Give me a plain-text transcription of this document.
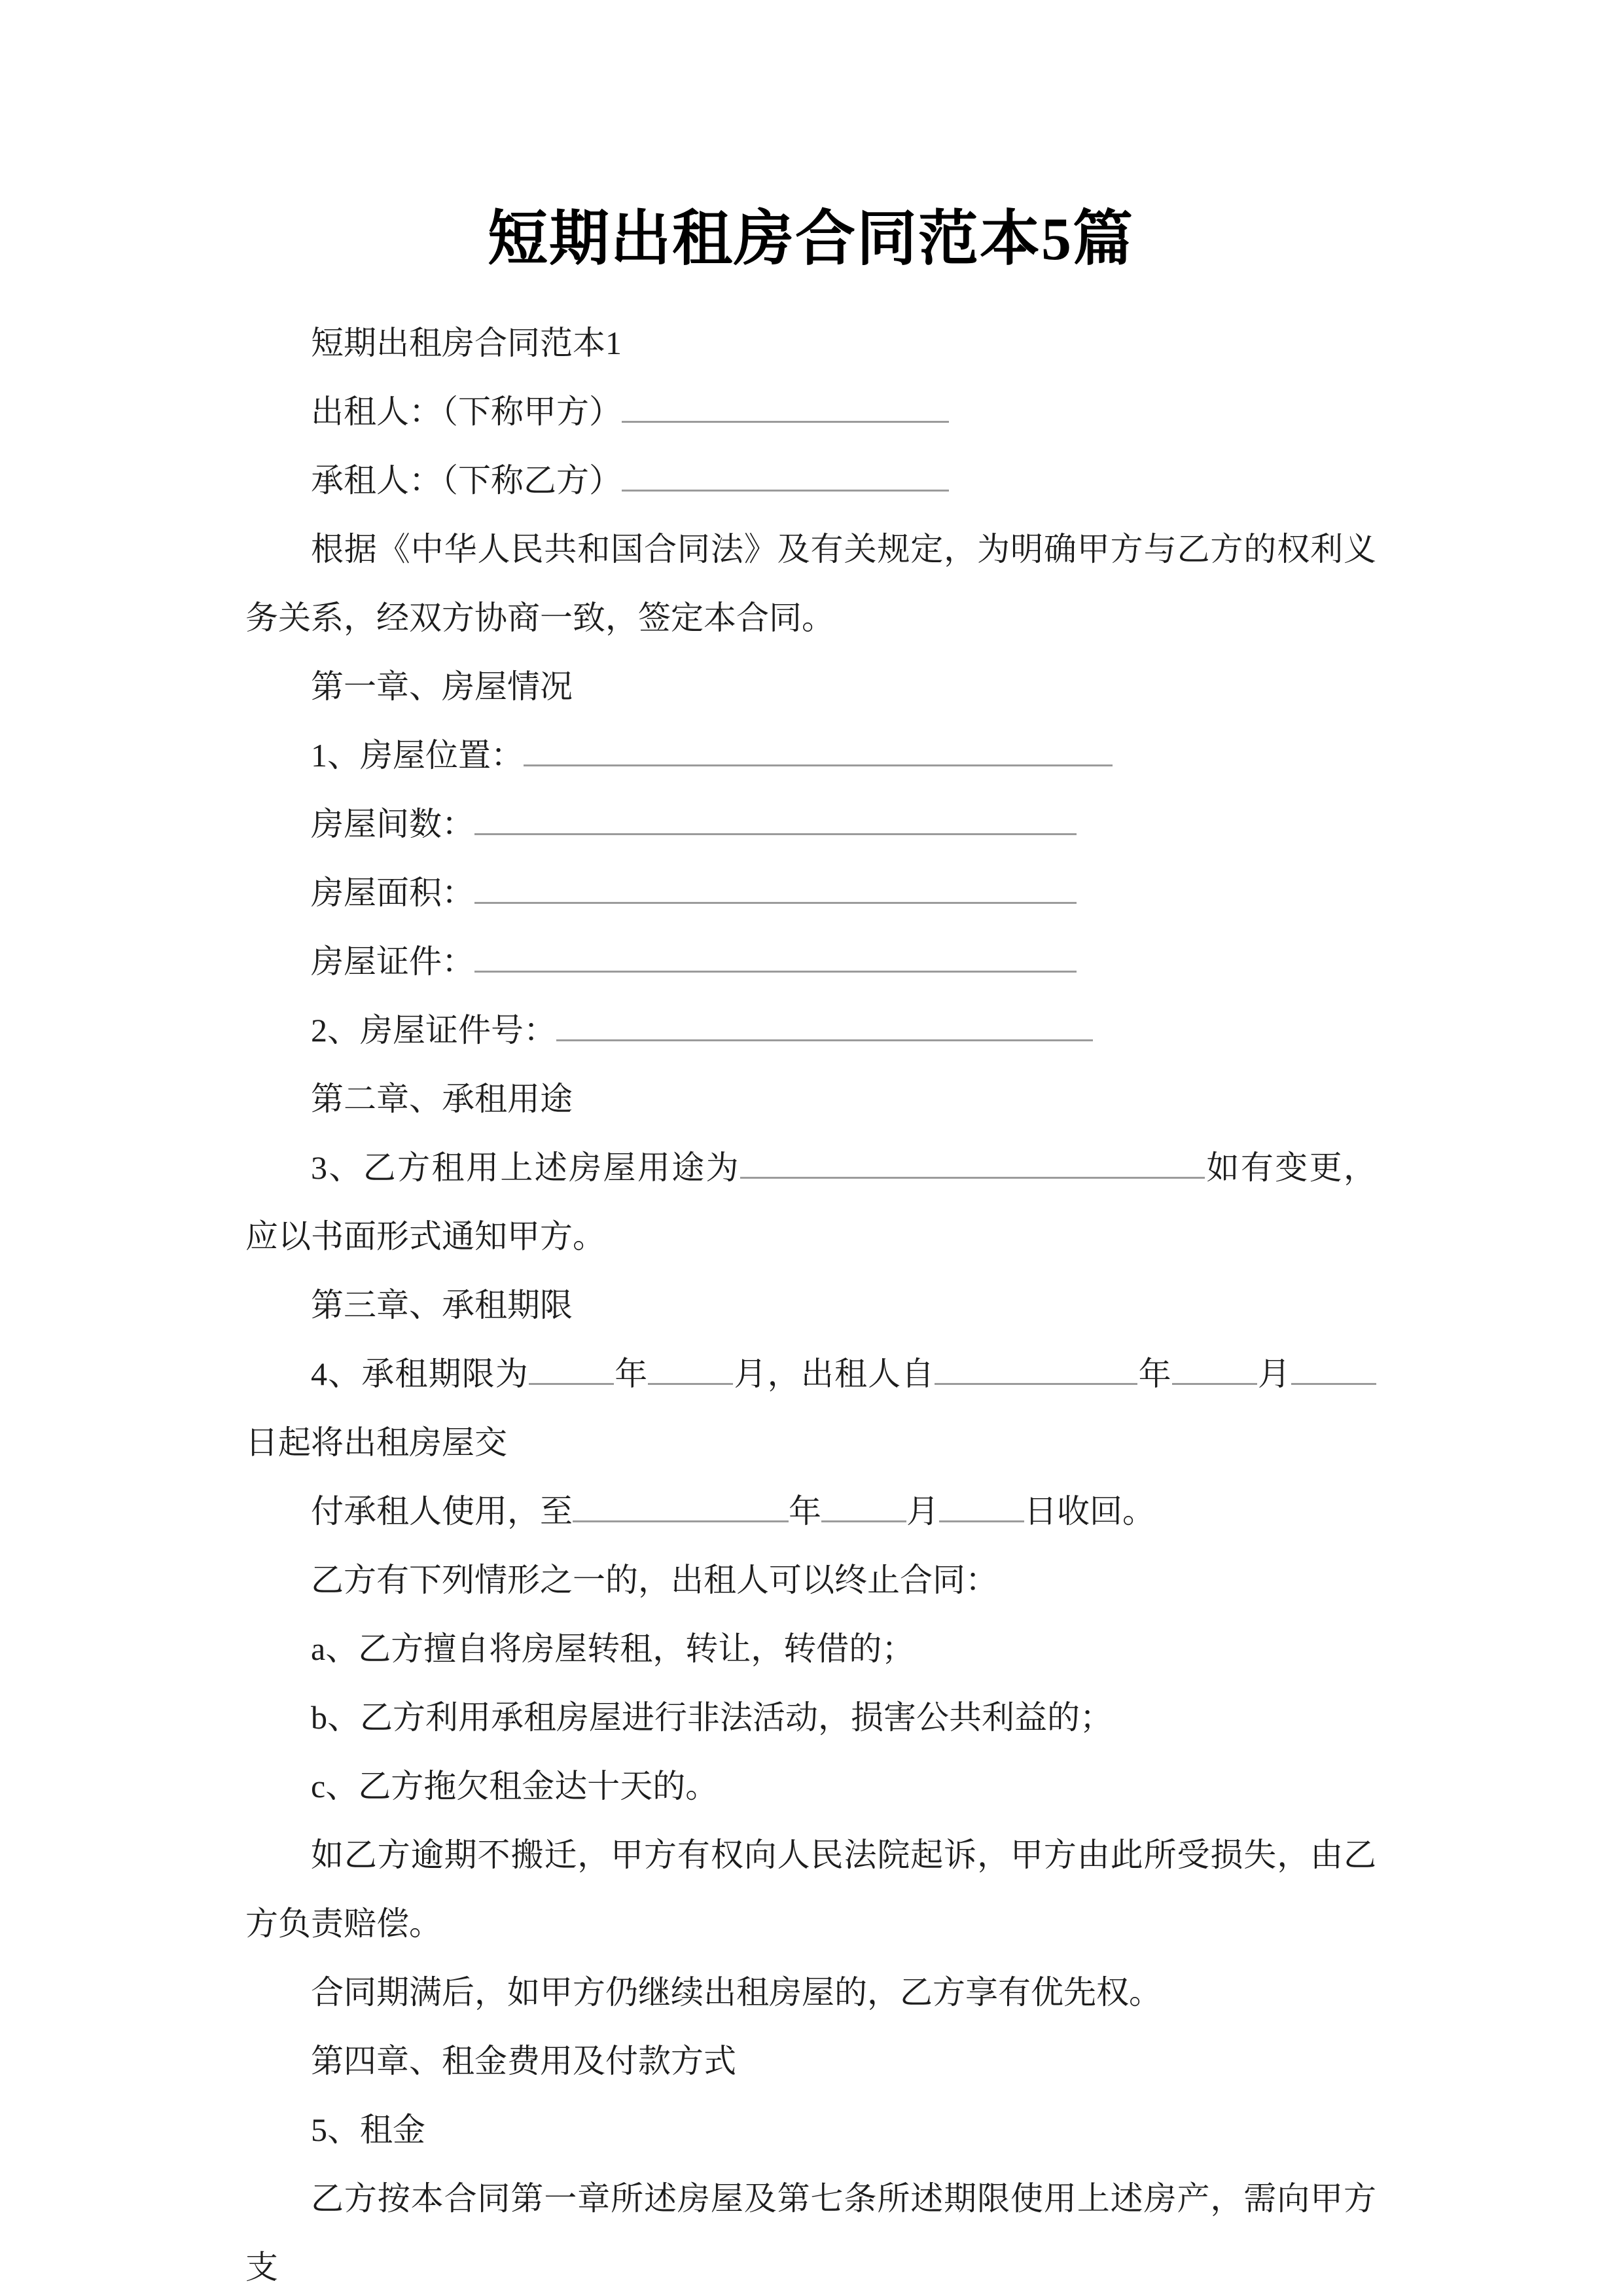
短期出租房合同范本5篇

短期出租房合同范本1

出租人：（下称甲方）

承租人：（下称乙方）

根据《中华人民共和国合同法》及有关规定，为明确甲方与乙方的权利义务关系，经双方协商一致，签定本合同。

第一章、房屋情况

1、房屋位置：

房屋间数：

房屋面积：

房屋证件：

2、房屋证件号：

第二章、承租用途

3、乙方租用上述房屋用途为	如有变更，应以书面形式通知甲方。

第三章、承租期限

4、承租期限为	年	月，出租人自	年	月日起将出租房屋交

付承租人使用，至	年	月	日收回。

乙方有下列情形之一的，出租人可以终止合同：

a、乙方擅自将房屋转租，转让，转借的；

b、乙方利用承租房屋进行非法活动，损害公共利益的；

c、乙方拖欠租金达十天的。

如乙方逾期不搬迁，甲方有权向人民法院起诉，甲方由此所受损失，由乙方负责赔偿。

合同期满后，如甲方仍继续出租房屋的，乙方享有优先权。

第四章、租金费用及付款方式

5、租金

乙方按本合同第一章所述房屋及第七条所述期限使用上述房产，需向甲方支
